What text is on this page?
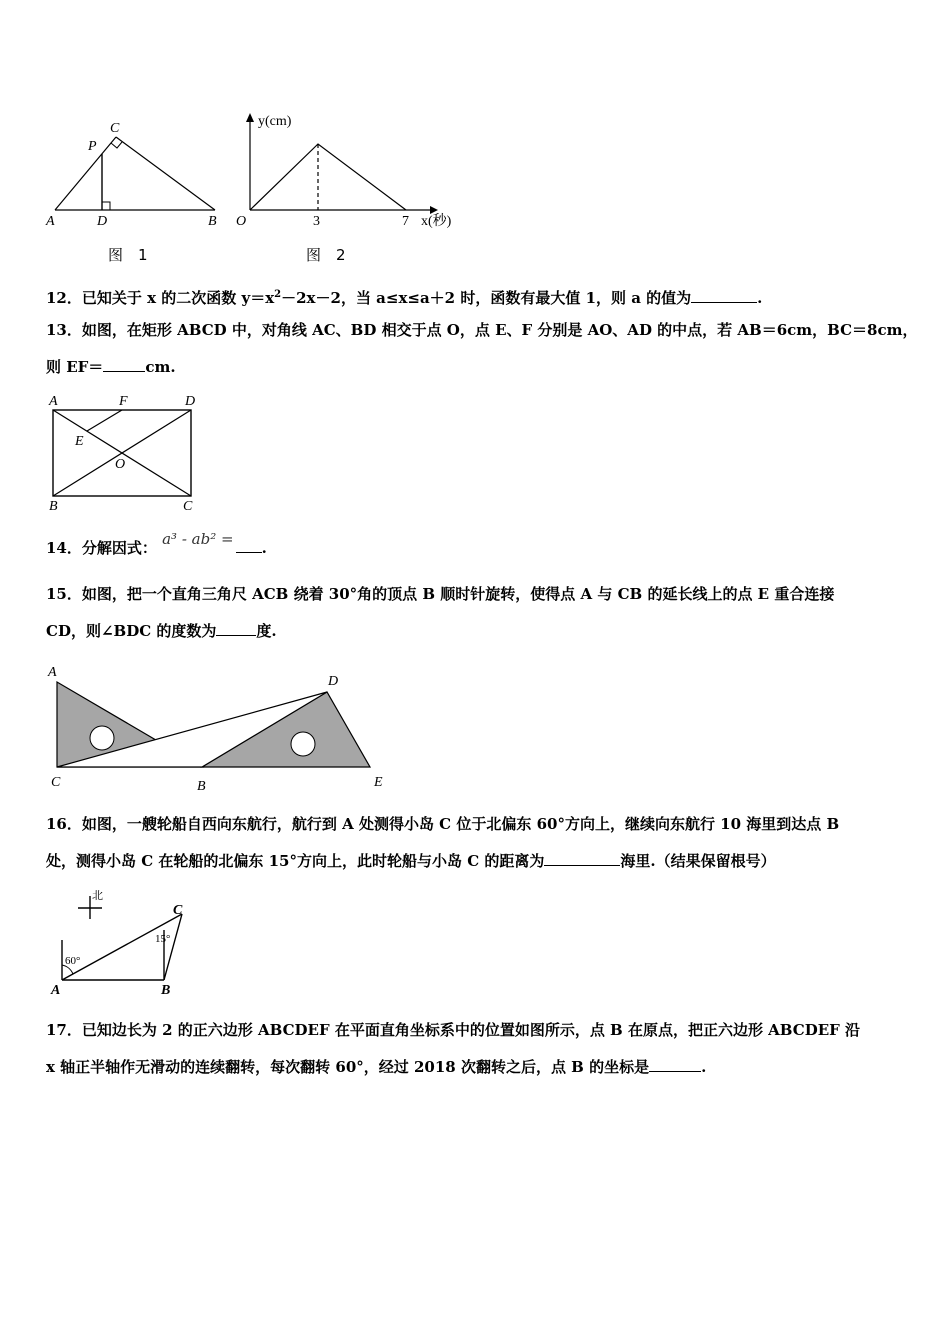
C
P
A	D	B
图　1
y(cm)
O	3	7 x(秒)
图　2
12．已知关于 x 的二次函数 $y=x^2-2x-2$，当 a≤x≤a＋2 时，函数有最大值 1，则 a 的值为	.
13．如图，在矩形 ABCD 中，对角线 AC、BD 相交于点 O，点 E、F 分别是 AO、AD 的中点，若 AB＝6cm，BC＝8cm，
则 EF＝	cm.
A	F	D
E
O
B	C
14．分解因式： a³ - ab² = .
15．如图，把一个直角三角尺 ACB 绕着 30°角的顶点 B 顺时针旋转，使得点 A 与 CB 的延长线上的点 E 重合连接
CD，则∠BDC 的度数为	度.
A
D
C	B	E
16．如图，一艘轮船自西向东航行，航行到 A 处测得小岛 C 位于北偏东 60°方向上，继续向东航行 10 海里到达点 B
处，测得小岛 C 在轮船的北偏东 15°方向上，此时轮船与小岛 C 的距离为	海里.（结果保留根号）
北
C
15°
60°
A	B
17．已知边长为 2 的正六边形 ABCDEF 在平面直角坐标系中的位置如图所示，点 B 在原点，把正六边形 ABCDEF 沿
x 轴正半轴作无滑动的连续翻转，每次翻转 60°，经过 2018 次翻转之后，点 B 的坐标是	.
